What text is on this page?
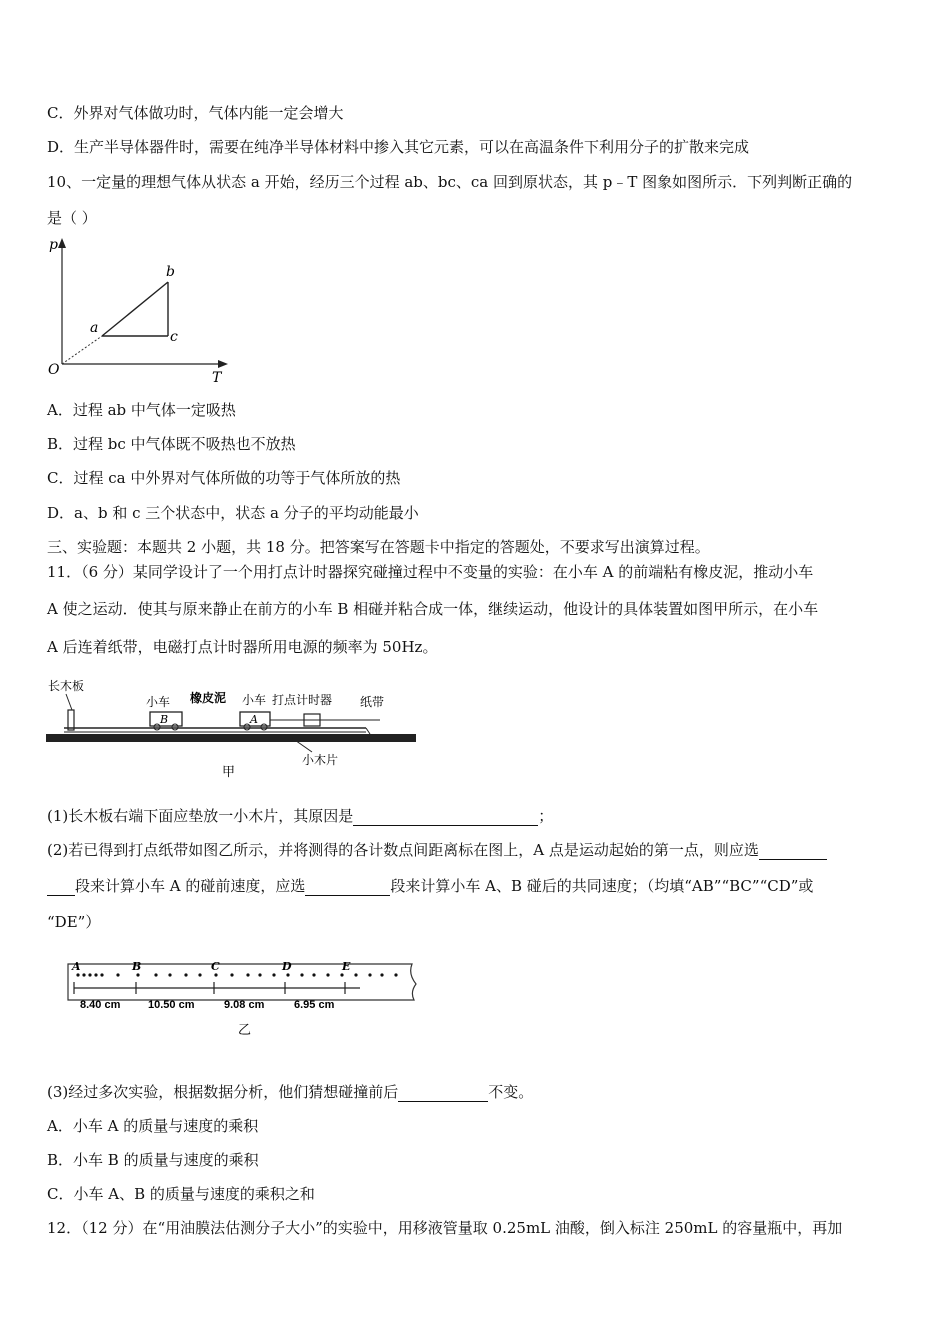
C．外界对气体做功时，气体内能一定会增大
D．生产半导体器件时，需要在纯净半导体材料中掺入其它元素，可以在高温条件下利用分子的扩散来完成
10、一定量的理想气体从状态 a 开始，经历三个过程 ab、bc、ca 回到原状态，其 p﹣T 图象如图所示．下列判断正确的
是（ ）
p
T
O
a
b
c
A．过程 ab 中气体一定吸热
B．过程 bc 中气体既不吸热也不放热
C．过程 ca 中外界对气体所做的功等于气体所放的热
D．a、b 和 c 三个状态中，状态 a 分子的平均动能最小
三、实验题：本题共 2 小题，共 18 分。把答案写在答题卡中指定的答题处，不要求写出演算过程。
11．（6 分）某同学设计了一个用打点计时器探究碰撞过程中不变量的实验：在小车 A 的前端粘有橡皮泥，推动小车
A 使之运动．使其与原来静止在前方的小车 B 相碰并粘合成一体，继续运动，他设计的具体装置如图甲所示，在小车
A 后连着纸带，电磁打点计时器所用电源的频率为 50Hz。
长木板
小车 橡皮泥 小车 打点计时器 纸带
B	A
小木片
甲
(1)长木板右端下面应垫放一小木片，其原因是	；
(2)若已得到打点纸带如图乙所示，并将测得的各计数点间距离标在图上，A 点是运动起始的第一点，则应选
段来计算小车 A 的碰前速度，应选	段来计算小车 A、B 碰后的共同速度；（均填“AB”“BC”“CD”或
“DE”）
A	B	C	D	E
8.40 cm	10.50 cm	9.08 cm	6.95 cm
乙
(3)经过多次实验，根据数据分析，他们猜想碰撞前后	不变。
A．小车 A 的质量与速度的乘积
B．小车 B 的质量与速度的乘积
C．小车 A、B 的质量与速度的乘积之和
12．（12 分）在“用油膜法估测分子大小”的实验中，用移液管量取 0.25mL 油酸，倒入标注 250mL 的容量瓶中，再加
